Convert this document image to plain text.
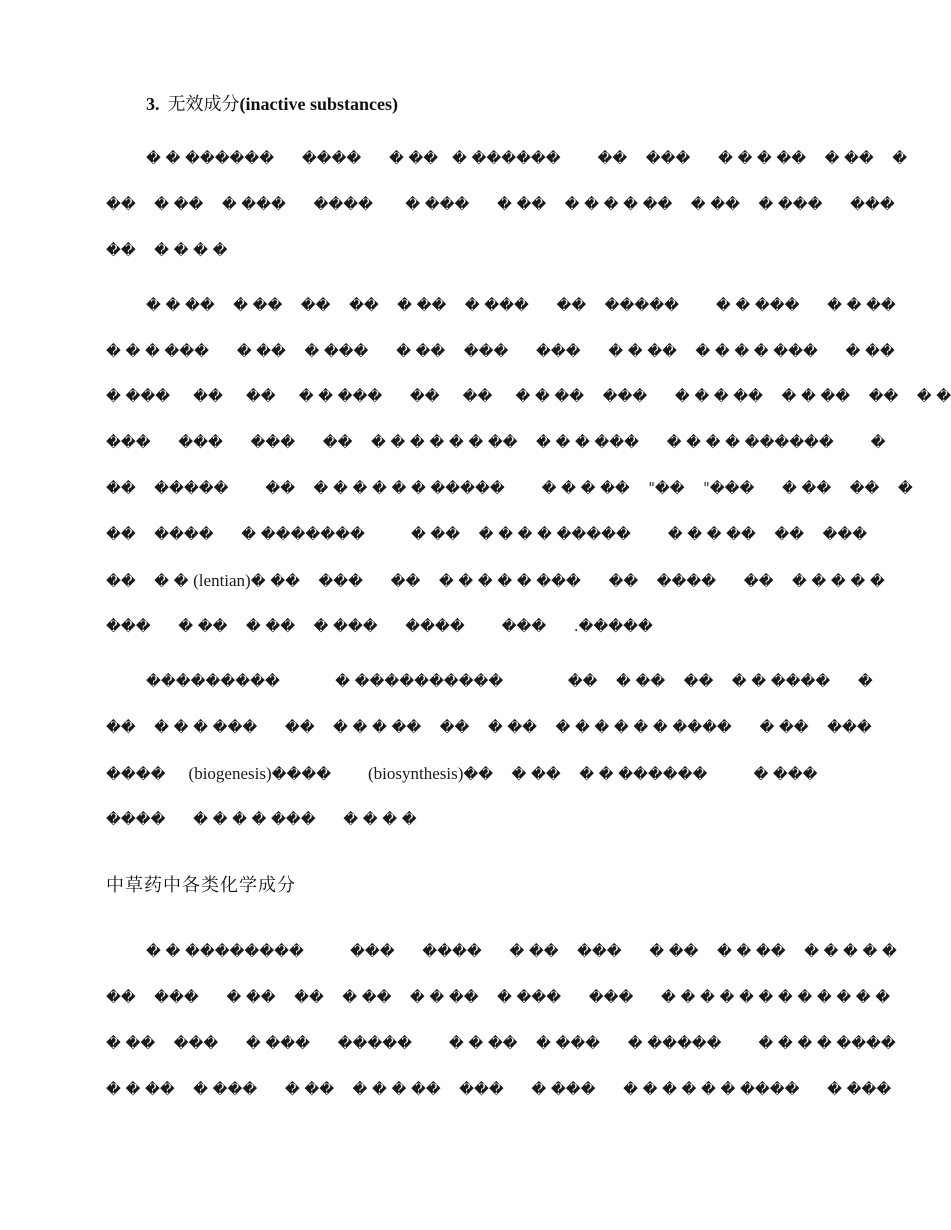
3. 无效成分(inactive substances)
� � ������      ����      � ��   � ������        ��    ���      � � � ��    � ��    �
��    � ��    � ���      ����       � ���      � ��    � � � � ��    � ��    � ���      ���
��    � � � �
� � ��    � ��    ��    ��    � ��    � ���      ��    �����        � � ���      � � ��
� � � ���      � ��    � ���      � ��    ���      ���      � � ��    � � � � ���      � ��
� ���     ��     ��     � � ���      ��     ��     � � ��    ���      � � � ��    � � ��    ��    � �
���      ���      ���      ��    � � � � � � ��    � � � ���      � � � � ������        �
��    �����        ��    � � � � � � �����        � � � ��    "��    "���      � ��    ��    �
��    ����      � �������          � ��    � � � � �����        � � � ��    ��    ���
��    � � (lentian)� ��    ���      ��    � � � � � ���      ��    ����      ��    � � � � �
���      � ��    � ��    � ���      ����        ���      .�����
���������            � ����������              ��    � ��    ��    � � ����      �
��    � � � ���      ��    � � � ��    ��    � ��    � � � � � � ����      � ��    ���
����     (biogenesis)����        (biosynthesis)��    � ��    � � ������          � ���
����      � � � � ���      � � � �
中草药中各类化学成分
� � ��������          ���      ����      � ��    ���      � ��    � � ��    � � � � �
��    ���      � ��    ��    � ��    � � ��    � ���      ���      � � � � � � � � � � � �
� ��    ���      � ���      �����        � � ��    � ���      � �����        � � � � ����
� � ��    � ���      � ��    � � � ��    ���      � ���      � � � � � � ����      � ���
